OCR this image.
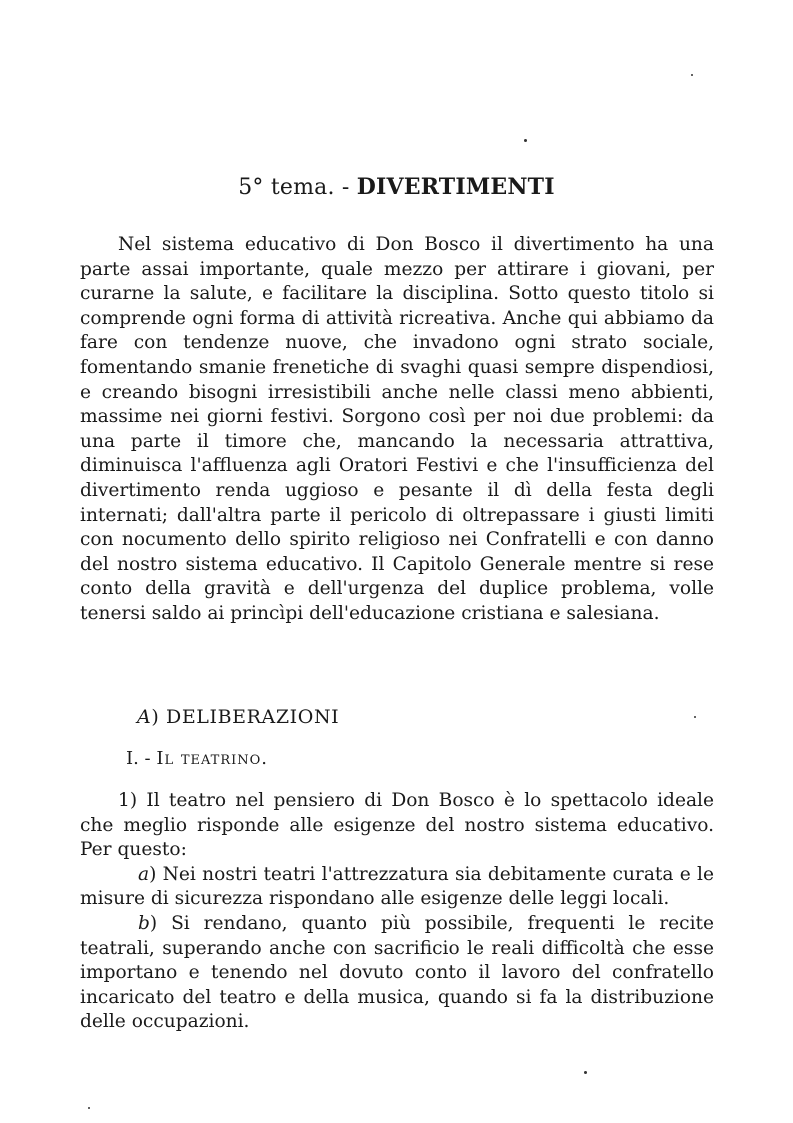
5° tema. - DIVERTIMENTI

Nel sistema educativo di Don Bosco il divertimento ha una parte assai importante, quale mezzo per attirare i giovani, per curarne la salute, e facilitare la disciplina. Sotto questo titolo si comprende ogni forma di attività ricreativa. Anche qui abbiamo da fare con tendenze nuove, che invadono ogni strato sociale, fomentando smanie frenetiche di svaghi quasi sempre dispendiosi, e creando bisogni irresistibili anche nelle classi meno abbienti, massime nei giorni festivi. Sorgono così per noi due problemi: da una parte il timore che, mancando la necessaria attrattiva, diminuisca l'affluenza agli Oratori Festivi e che l'insufficienza del divertimento renda uggioso e pesante il dì della festa degli internati; dall'altra parte il pericolo di oltrepassare i giusti limiti con nocumento dello spirito religioso nei Confratelli e con danno del nostro sistema educativo. Il Capitolo Generale mentre si rese conto della gravità e dell'urgenza del duplice problema, volle tenersi saldo ai princìpi dell'educazione cristiana e salesiana.

A) DELIBERAZIONI
I. - Il teatrino.

1) Il teatro nel pensiero di Don Bosco è lo spettacolo ideale che meglio risponde alle esigenze del nostro sistema educativo. Per questo:

a) Nei nostri teatri l'attrezzatura sia debitamente curata e le misure di sicurezza rispondano alle esigenze delle leggi locali.

b) Si rendano, quanto più possibile, frequenti le recite teatrali, superando anche con sacrificio le reali difficoltà che esse importano e tenendo nel dovuto conto il lavoro del confratello incaricato del teatro e della musica, quando si fa la distribuzione delle occupazioni.
